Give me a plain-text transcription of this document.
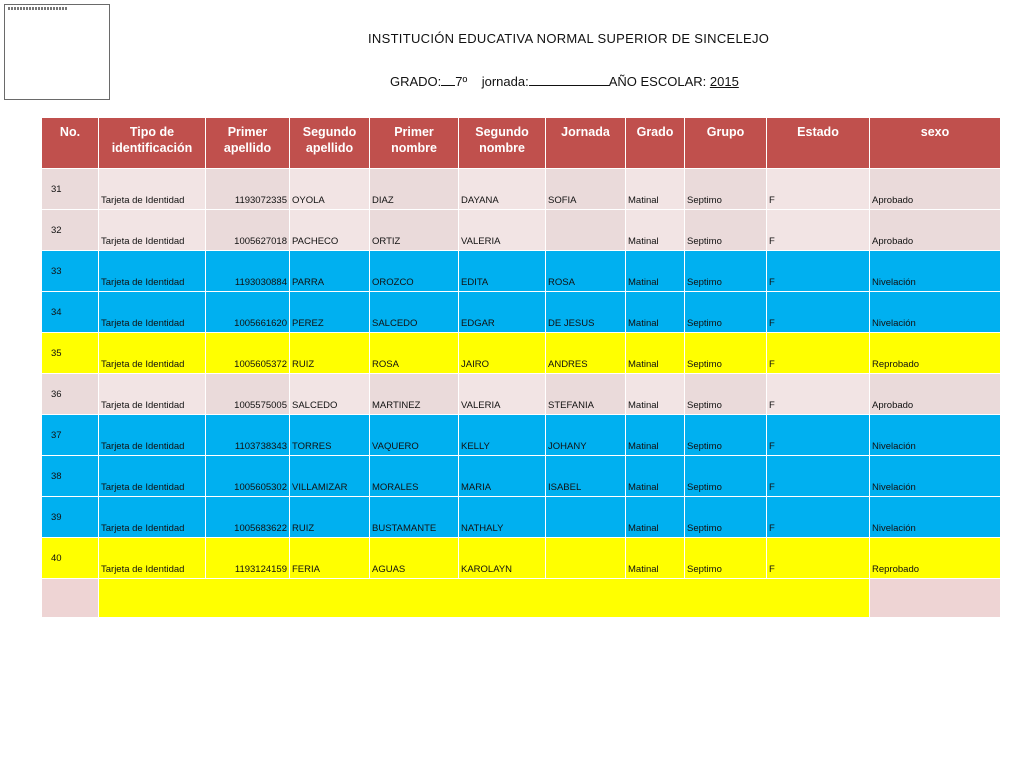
INSTITUCIÓN EDUCATIVA NORMAL SUPERIOR DE SINCELEJO
GRADO: 7º jornada:	AÑO ESCOLAR: 2015
No.	Tipo de identificación	Primer apellido	Segundo apellido	Primer nombre	Segundo nombre	Jornada	Grado	Grupo	Estado	sexo
31	Tarjeta de Identidad	1193072335	OYOLA	DIAZ	DAYANA	SOFIA	Matinal	Septimo	F	Aprobado

32	Tarjeta de Identidad	1005627018	PACHECO	ORTIZ	VALERIA		Matinal	Septimo	F	Aprobado

33	Tarjeta de Identidad	1193030884	PARRA	OROZCO	EDITA	ROSA	Matinal	Septimo	F	Nivelación

34	Tarjeta de Identidad	1005661620	PEREZ	SALCEDO	EDGAR	DE JESUS	Matinal	Septimo	F	Nivelación

35	Tarjeta de Identidad	1005605372	RUIZ	ROSA	JAIRO	ANDRES	Matinal	Septimo	F	Reprobado

36	Tarjeta de Identidad	1005575005	SALCEDO	MARTINEZ	VALERIA	STEFANIA	Matinal	Septimo	F	Aprobado

37	Tarjeta de Identidad	1103738343	TORRES	VAQUERO	KELLY	JOHANY	Matinal	Septimo	F	Nivelación

38	Tarjeta de Identidad	1005605302	VILLAMIZAR	MORALES	MARIA	ISABEL	Matinal	Septimo	F	Nivelación

39	Tarjeta de Identidad	1005683622	RUIZ	BUSTAMANTE	NATHALY		Matinal	Septimo	F	Nivelación

40	Tarjeta de Identidad	1193124159	FERIA	AGUAS	KAROLAYN		Matinal	Septimo	F	Reprobado
